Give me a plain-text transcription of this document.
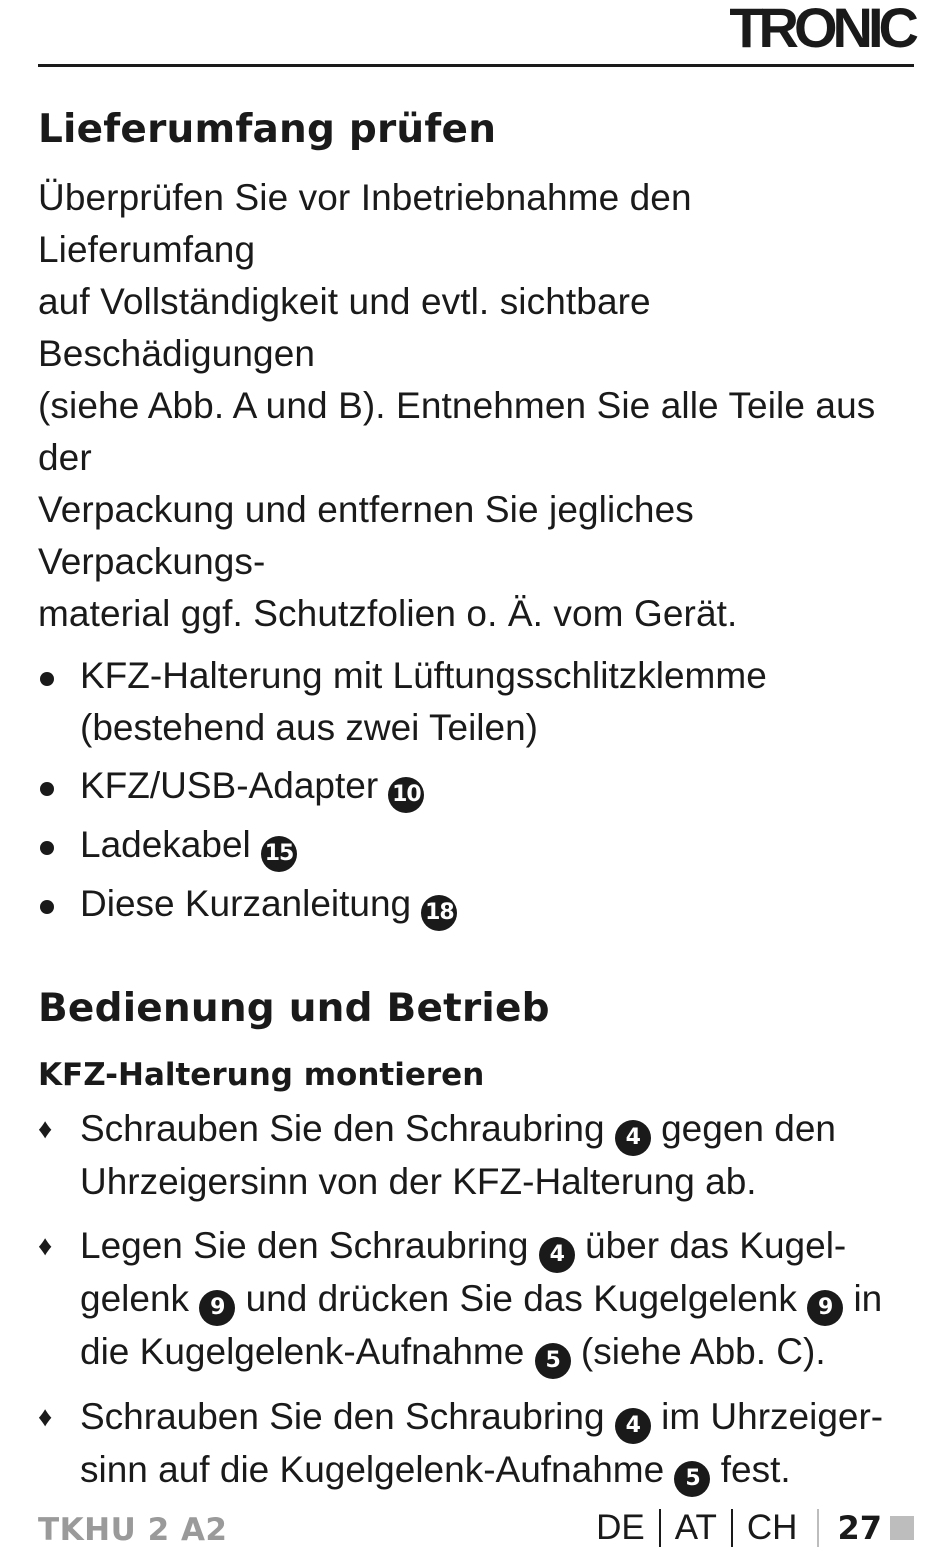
TRONIC
Lieferumfang prüfen

Überprüfen Sie vor Inbetriebnahme den Lieferumfang

auf Vollständigkeit und evtl. sichtbare Beschädigungen

(siehe Abb. A und B). Entnehmen Sie alle Teile aus der

Verpackung und entfernen Sie jegliches Verpackungs-

material ggf. Schutzfolien o. Ä. vom Gerät.

KFZ-Halterung mit Lüftungsschlitzklemme
(bestehend aus zwei Teilen)
KFZ/USB-Adapter 10
Ladekabel 15
Diese Kurzanleitung 18
Bedienung und Betrieb
KFZ-Halterung montieren
♦ Schrauben Sie den Schraubring 4 gegen den
Uhrzeigersinn von der KFZ-Halterung ab.
♦ Legen Sie den Schraubring 4 über das Kugel-
gelenk 9 und drücken Sie das Kugelgelenk 9 in
die Kugelgelenk-Aufnahme 5 (siehe Abb. C).
♦ Schrauben Sie den Schraubring 4 im Uhrzeiger-
sinn auf die Kugelgelenk-Aufnahme 5 fest.
TKHU 2 A2	DE AT CH 27
